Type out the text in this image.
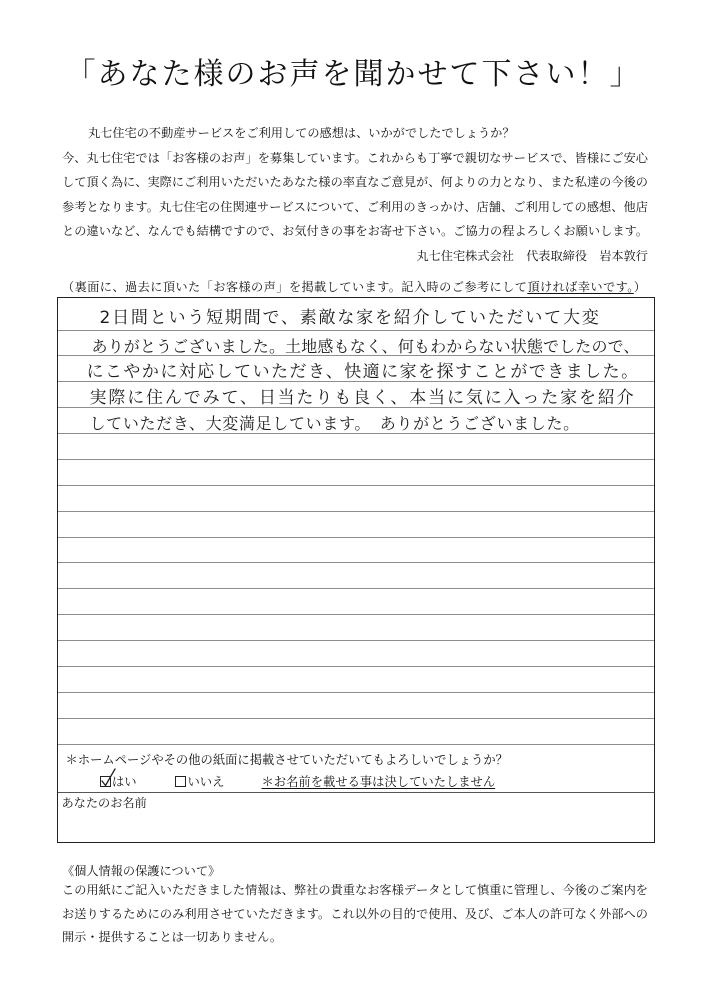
「あなた様のお声を聞かせて下さい！」
丸七住宅の不動産サービスをご利用しての感想は、いかがでしたでしょうか？
今、丸七住宅では「お客様のお声」を募集しています。これからも丁寧で親切なサービスで、皆様にご安心
して頂く為に、実際にご利用いただいたあなた様の率直なご意見が、何よりの力となり、また私達の今後の
参考となります。丸七住宅の住関連サービスについて、ご利用のきっかけ、店舗、ご利用しての感想、他店
との違いなど、なんでも結構ですので、お気付きの事をお寄せ下さい。ご協力の程よろしくお願いします。
丸七住宅株式会社　代表取締役　岩本敦行
（裏面に、過去に頂いた「お客様の声」を掲載しています。記入時のご参考にして頂ければ幸いです。）
2日間という短期間で、素敵な家を紹介していただいて大変
ありがとうございました。土地感もなく、何もわからない状態でしたので、
にこやかに対応していただき、快適に家を探すことができました。
実際に住んでみて、日当たりも良く、本当に気に入った家を紹介
していただき、大変満足しています。　ありがとうございました。
＊ホームページやその他の紙面に掲載させていただいてもよろしいでしょうか？
はい	いいえ	＊お名前を載せる事は決していたしません
あなたのお名前
《個人情報の保護について》
この用紙にご記入いただきました情報は、弊社の貴重なお客様データとして慎重に管理し、今後のご案内を
お送りするためにのみ利用させていただきます。これ以外の目的で使用、及び、ご本人の許可なく外部への
開示・提供することは一切ありません。
